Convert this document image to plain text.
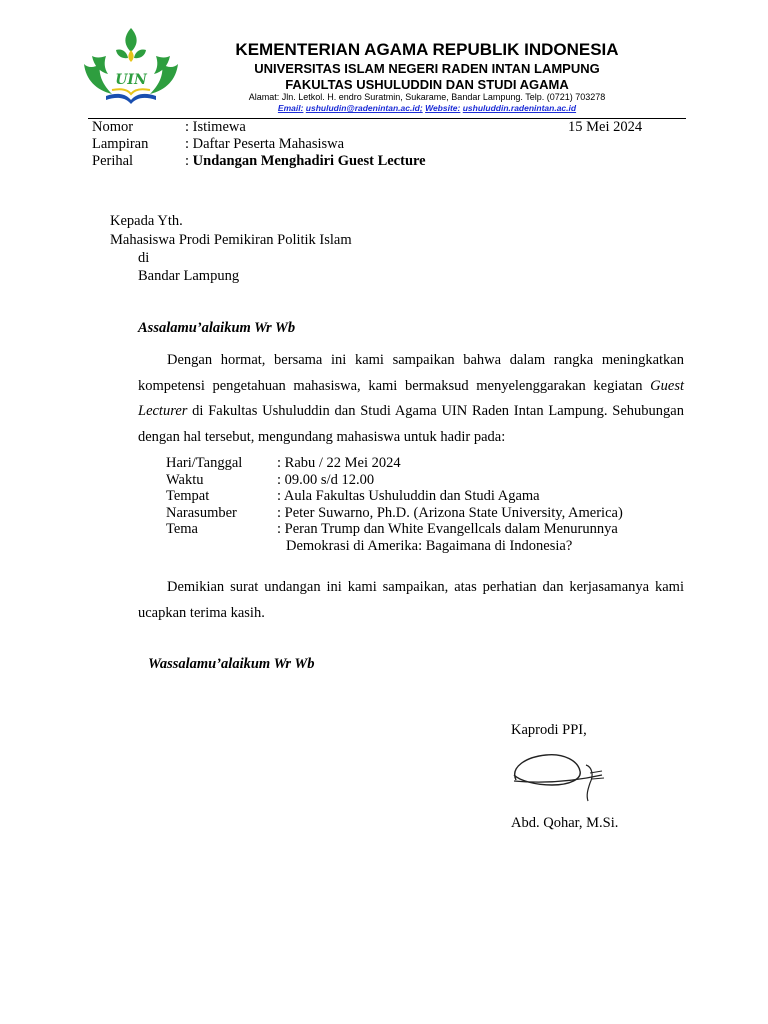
UIN
KEMENTERIAN AGAMA REPUBLIK INDONESIA
UNIVERSITAS ISLAM NEGERI RADEN INTAN LAMPUNG
FAKULTAS USHULUDDIN DAN STUDI AGAMA
Alamat: Jln. Letkol. H. endro Suratmin, Sukarame, Bandar Lampung. Telp. (0721) 703278
Email: ushuludin@radenintan.ac.id; Website: ushuluddin.radenintan.ac.id
Nomor	: Istimewa	15 Mei 2024
Lampiran	: Daftar Peserta Mahasiswa
Perihal	: Undangan Menghadiri Guest Lecture
Kepada Yth.
Mahasiswa Prodi Pemikiran Politik Islam
di
Bandar Lampung
Assalamu’alaikum Wr Wb
Dengan hormat, bersama ini kami sampaikan bahwa dalam rangka meningkatkan kompetensi pengetahuan mahasiswa, kami bermaksud menyelenggarakan kegiatan Guest Lecturer di Fakultas Ushuluddin dan Studi Agama UIN Raden Intan Lampung. Sehubungan dengan hal tersebut, mengundang mahasiswa untuk hadir pada:
Hari/Tanggal : Rabu / 22 Mei 2024
Waktu	: 09.00 s/d 12.00
Tempat	: Aula Fakultas Ushuluddin dan Studi Agama
Narasumber	: Peter Suwarno, Ph.D. (Arizona State University, America)
Tema	: Peran Trump dan White Evangellcals dalam Menurunnya
Demokrasi di Amerika: Bagaimana di Indonesia?
Demikian surat undangan ini kami sampaikan, atas perhatian dan kerjasamanya kami ucapkan terima kasih.
Wassalamu’alaikum Wr Wb
Kaprodi PPI,
Abd. Qohar, M.Si.
